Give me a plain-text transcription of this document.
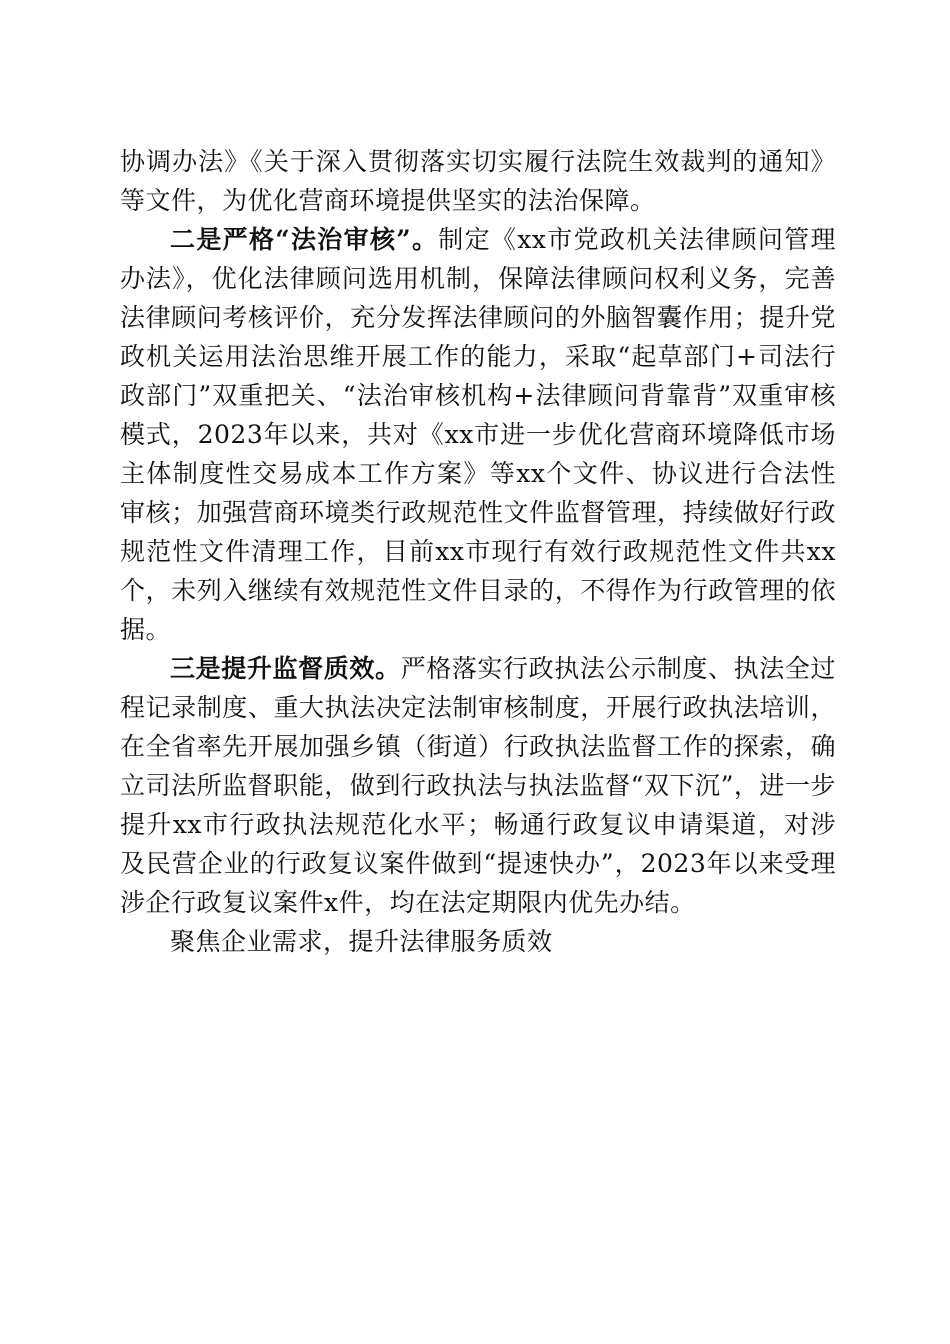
协调办法》《关于深入贯彻落实切实履行法院生效裁判的通知》等文件，为优化营商环境提供坚实的法治保障。

二是严格“法治审核”。制定《xx市党政机关法律顾问管理办法》，优化法律顾问选用机制，保障法律顾问权利义务，完善法律顾问考核评价，充分发挥法律顾问的外脑智囊作用；提升党政机关运用法治思维开展工作的能力，采取“起草部门+司法行政部门”双重把关、“法治审核机构+法律顾问背靠背”双重审核模式，2023年以来，共对《xx市进一步优化营商环境降低市场主体制度性交易成本工作方案》等xx个文件、协议进行合法性审核；加强营商环境类行政规范性文件监督管理，持续做好行政规范性文件清理工作，目前xx市现行有效行政规范性文件共xx个，未列入继续有效规范性文件目录的，不得作为行政管理的依据。

三是提升监督质效。严格落实行政执法公示制度、执法全过程记录制度、重大执法决定法制审核制度，开展行政执法培训，在全省率先开展加强乡镇（街道）行政执法监督工作的探索，确立司法所监督职能，做到行政执法与执法监督“双下沉”，进一步提升xx市行政执法规范化水平；畅通行政复议申请渠道，对涉及民营企业的行政复议案件做到“提速快办”，2023年以来受理涉企行政复议案件x件，均在法定期限内优先办结。

聚焦企业需求，提升法律服务质效
